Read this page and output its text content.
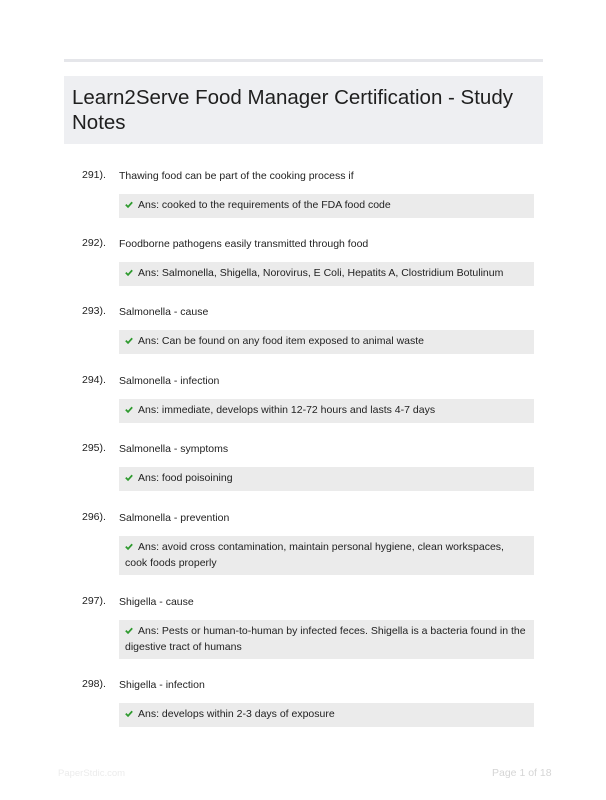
Learn2Serve Food Manager Certification - Study Notes
291). Thawing food can be part of the cooking process if
Ans: cooked to the requirements of the FDA food code
292). Foodborne pathogens easily transmitted through food
Ans: Salmonella, Shigella, Norovirus, E Coli, Hepatits A, Clostridium Botulinum
293). Salmonella - cause
Ans: Can be found on any food item exposed to animal waste
294). Salmonella - infection
Ans: immediate, develops within 12-72 hours and lasts 4-7 days
295). Salmonella - symptoms
Ans: food poisoining
296). Salmonella - prevention
Ans: avoid cross contamination, maintain personal hygiene, clean workspaces, cook foods properly
297). Shigella - cause
Ans: Pests or human-to-human by infected feces. Shigella is a bacteria found in the digestive tract of humans
298). Shigella - infection
Ans: develops within 2-3 days of exposure
PaperStdic.com	Page 1 of 18
